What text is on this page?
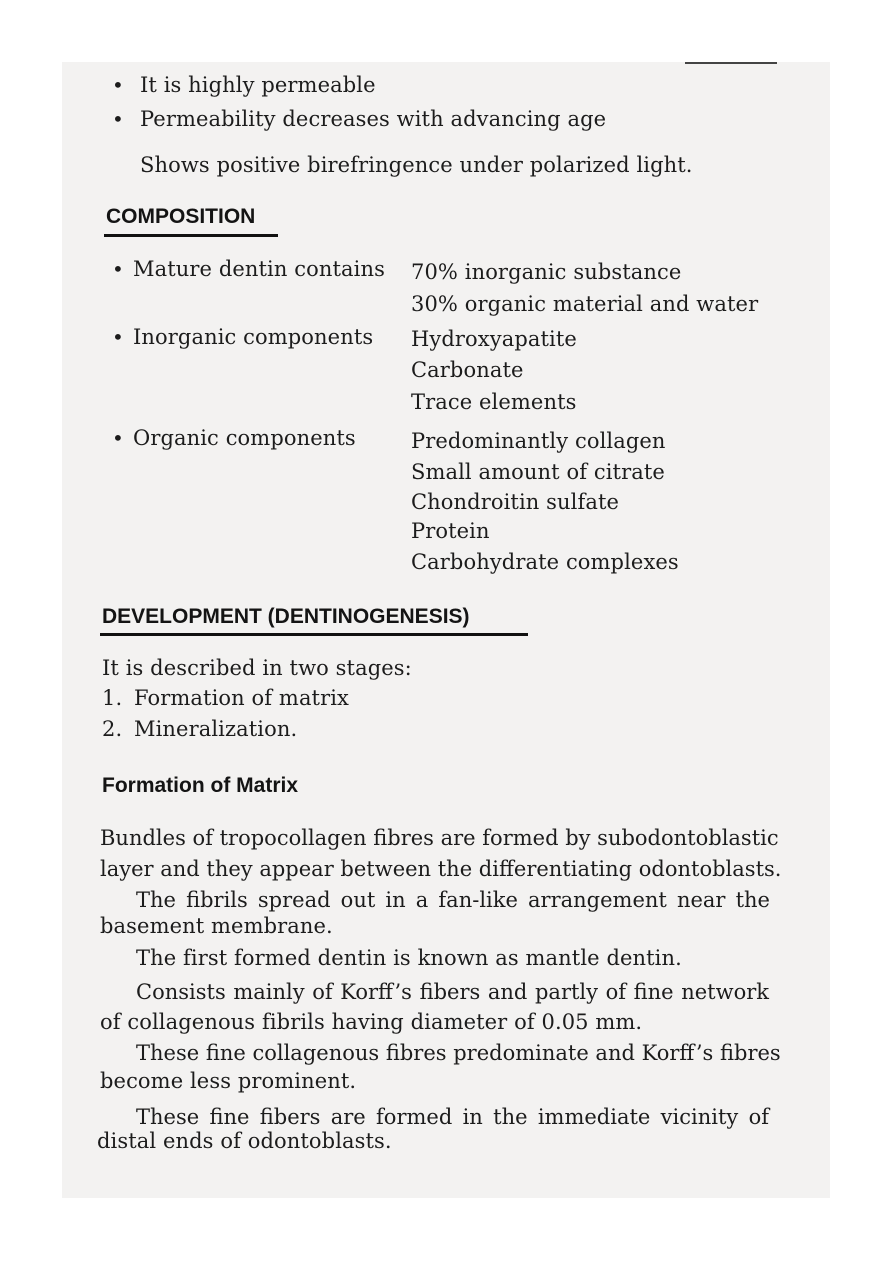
• It is highly permeable
• Permeability decreases with advancing age
Shows positive birefringence under polarized light.
COMPOSITION
• Mature dentin contains 70% inorganic substance
30% organic material and water
• Inorganic components Hydroxyapatite
Carbonate
Trace elements
• Organic components	Predominantly collagen
Small amount of citrate
Chondroitin sulfate
Protein
Carbohydrate complexes
DEVELOPMENT (DENTINOGENESIS)
It is described in two stages:
1. Formation of matrix
2. Mineralization.
Formation of Matrix
Bundles of tropocollagen fibres are formed by subodontoblastic
layer and they appear between the differentiating odontoblasts.
The fibrils spread out in a fan-like arrangement near the
basement membrane.
The first formed dentin is known as mantle dentin.
Consists mainly of Korff’s fibers and partly of fine network
of collagenous fibrils having diameter of 0.05 mm.
These fine collagenous fibres predominate and Korff’s fibres
become less prominent.
These fine fibers are formed in the immediate vicinity of
distal ends of odontoblasts.
